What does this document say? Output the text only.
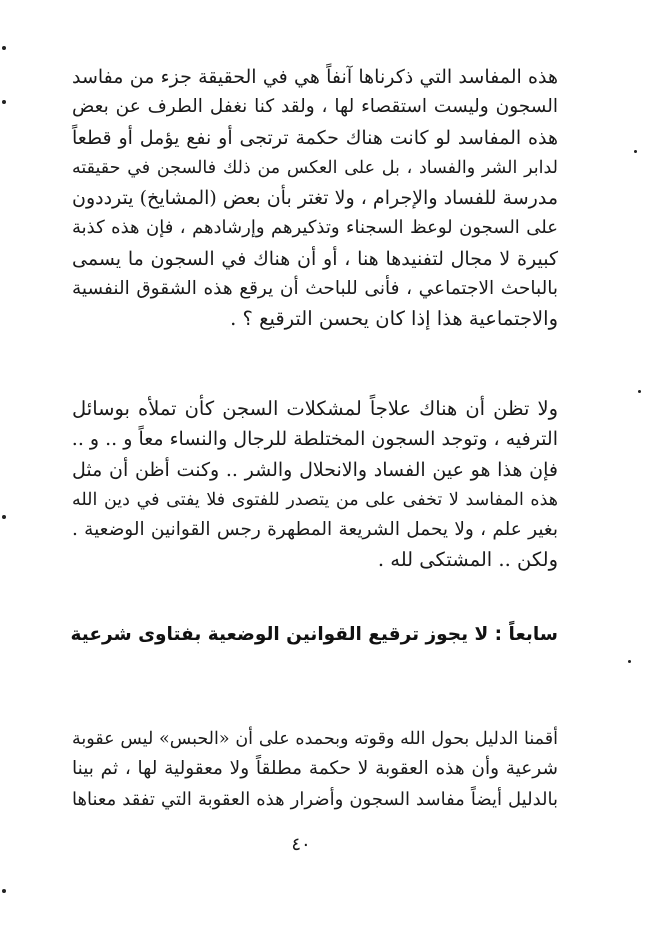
هذه المفاسد التي ذكرناها آنفاً هي في الحقيقة جزء من مفاسد
السجون وليست استقصاء لها ، ولقد كنا نغفل الطرف عن بعض
هذه المفاسد لو كانت هناك حكمة ترتجى أو نفع يؤمل أو قطعاً
لدابر الشر والفساد ، بل على العكس من ذلك فالسجن في حقيقته
مدرسة للفساد والإجرام ، ولا تغتر بأن بعض (المشايخ) يترددون
على السجون لوعظ السجناء وتذكيرهم وإرشادهم ، فإن هذه كذبة
كبيرة لا مجال لتفنيدها هنا ، أو أن هناك في السجون ما يسمى
بالباحث الاجتماعي ، فأنى للباحث أن يرقع هذه الشقوق النفسية
والاجتماعية هذا إذا كان يحسن الترقيع ؟ .
ولا تظن أن هناك علاجاً لمشكلات السجن كأن تملأه بوسائل
الترفيه ، وتوجد السجون المختلطة للرجال والنساء معاً و .. و ..
فإن هذا هو عين الفساد والانحلال والشر .. وكنت أظن أن مثل
هذه المفاسد لا تخفى على من يتصدر للفتوى فلا يفتى في دين الله
بغير علم ، ولا يحمل الشريعة المطهرة رجس القوانين الوضعية .
ولكن .. المشتكى لله .
سابعاً : لا يجوز ترقيع القوانين الوضعية بفتاوى شرعية
أقمنا الدليل بحول الله وقوته وبحمده على أن «الحبس» ليس عقوبة
شرعية وأن هذه العقوبة لا حكمة مطلقاً ولا معقولية لها ، ثم بينا
بالدليل أيضاً مفاسد السجون وأضرار هذه العقوبة التي تفقد معناها
٤٠
